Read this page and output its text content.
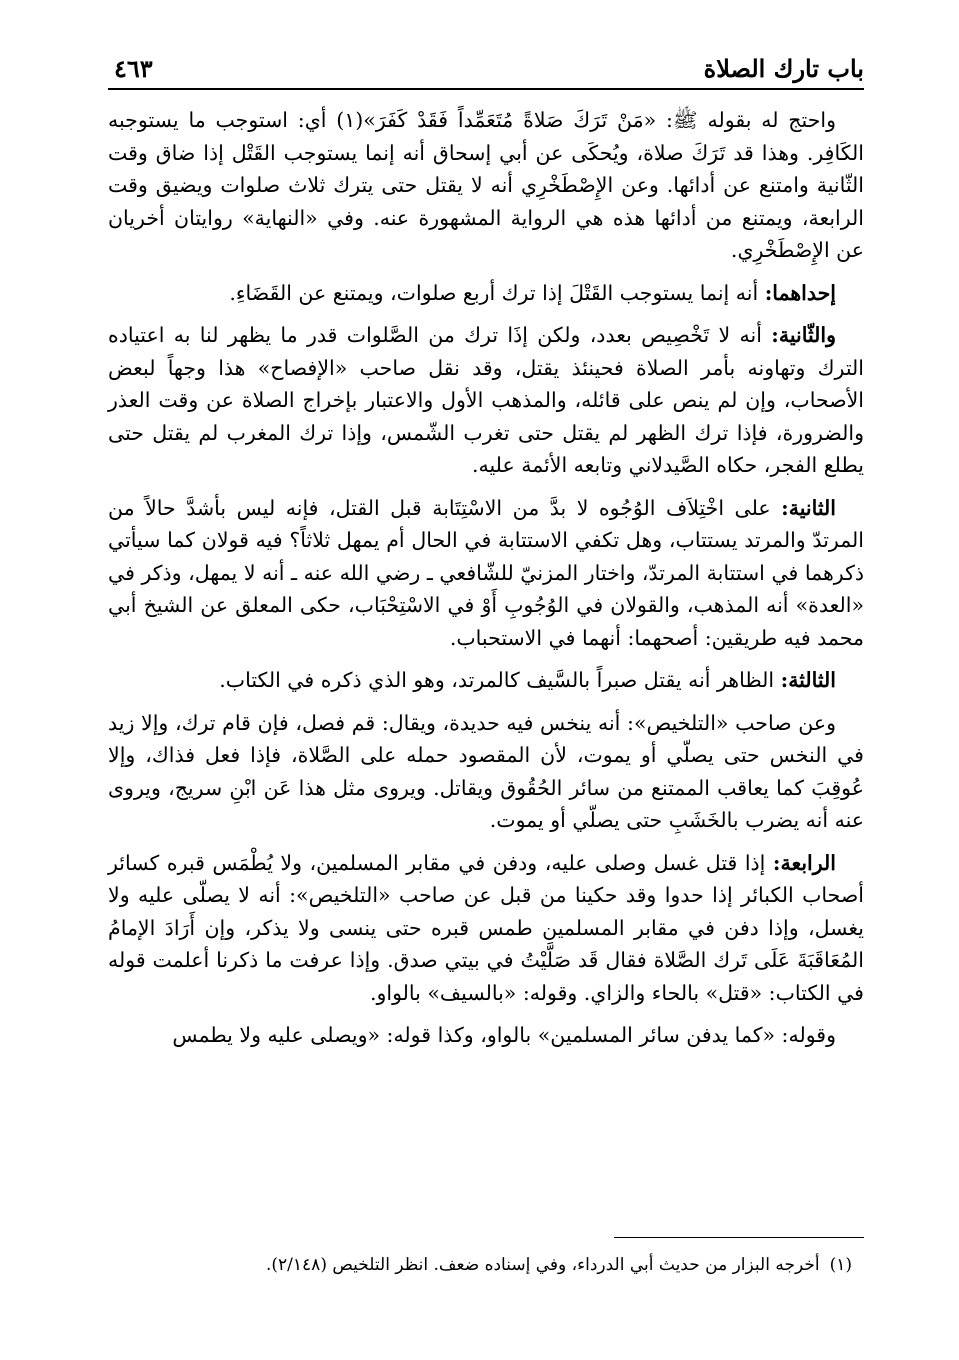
باب تارك الصلاة
٤٦٣

واحتج له بقوله ﷺ: «مَنْ تَرَكَ صَلاةً مُتَعَمِّداً فَقَدْ كَفَرَ»(١) أي: استوجب ما يستوجبه الكَافِر. وهذا قد تَرَكَ صلاة، ويُحكَى عن أبي إسحاق أنه إنما يستوجب القَتْل إذا ضاق وقت الثّانية وامتنع عن أدائها. وعن الإِصْطَخْرِي أنه لا يقتل حتى يترك ثلاث صلوات ويضيق وقت الرابعة، ويمتنع من أدائها هذه هي الرواية المشهورة عنه. وفي «النهاية» روايتان أخريان عن الإِصْطَخْرِي.

إحداهما: أنه إنما يستوجب القَتْلَ إذا ترك أربع صلوات، ويمتنع عن القَضَاءِ.

والثّانية: أنه لا تَخْصِيص بعدد، ولكن إذَا ترك من الصَّلوات قدر ما يظهر لنا به اعتياده الترك وتهاونه بأمر الصلاة فحينئذ يقتل، وقد نقل صاحب «الإفصاح» هذا وجهاً لبعض الأصحاب، وإن لم ينص على قائله، والمذهب الأول والاعتبار بإخراج الصلاة عن وقت العذر والضرورة، فإذا ترك الظهر لم يقتل حتى تغرب الشّمس، وإذا ترك المغرب لم يقتل حتى يطلع الفجر، حكاه الصَّيدلاني وتابعه الأئمة عليه.

الثانية: على اخْتِلاَف الوُجُوه لا بدَّ من الاسْتِتَابة قبل القتل، فإنه ليس بأشدَّ حالاً من المرتدّ والمرتد يستتاب، وهل تكفي الاستتابة في الحال أم يمهل ثلاثاً؟ فيه قولان كما سيأتي ذكرهما في استتابة المرتدّ، واختار المزنيّ للشّافعي ـ رضي الله عنه ـ أنه لا يمهل، وذكر في «العدة» أنه المذهب، والقولان في الوُجُوبِ أَوْ في الاسْتِحْبَاب، حكى المعلق عن الشيخ أبي محمد فيه طريقين: أصحهما: أنهما في الاستحباب.

الثالثة: الظاهر أنه يقتل صبراً بالسَّيف كالمرتد، وهو الذي ذكره في الكتاب.

وعن صاحب «التلخيص»: أنه ينخس فيه حديدة، ويقال: قم فصل، فإن قام ترك، وإلا زيد في النخس حتى يصلّي أو يموت، لأن المقصود حمله على الصَّلاة، فإذا فعل فذاك، وإلا عُوقِبَ كما يعاقب الممتنع من سائر الحُقُوق ويقاتل. ويروى مثل هذا عَن ابْنِ سريج، ويروى عنه أنه يضرب بالخَشَبِ حتى يصلّي أو يموت.

الرابعة: إذا قتل غسل وصلى عليه، ودفن في مقابر المسلمين، ولا يُطْمَس قبره كسائر أصحاب الكبائر إذا حدوا وقد حكينا من قبل عن صاحب «التلخيص»: أنه لا يصلّى عليه ولا يغسل، وإذا دفن في مقابر المسلمين طمس قبره حتى ينسى ولا يذكر، وإن أَرَادَ الإمامُ المُعَاقَبَةَ عَلَى تَرك الصَّلاة فقال قَد صَلَّيْتُ في بيتي صدق. وإذا عرفت ما ذكرنا أعلمت قوله في الكتاب: «قتل» بالحاء والزاي. وقوله: «بالسيف» بالواو.

وقوله: «كما يدفن سائر المسلمين» بالواو، وكذا قوله: «ويصلى عليه ولا يطمس

(١)أخرجه البزار من حديث أبي الدرداء، وفي إسناده ضعف. انظر التلخيص (٢/١٤٨).
